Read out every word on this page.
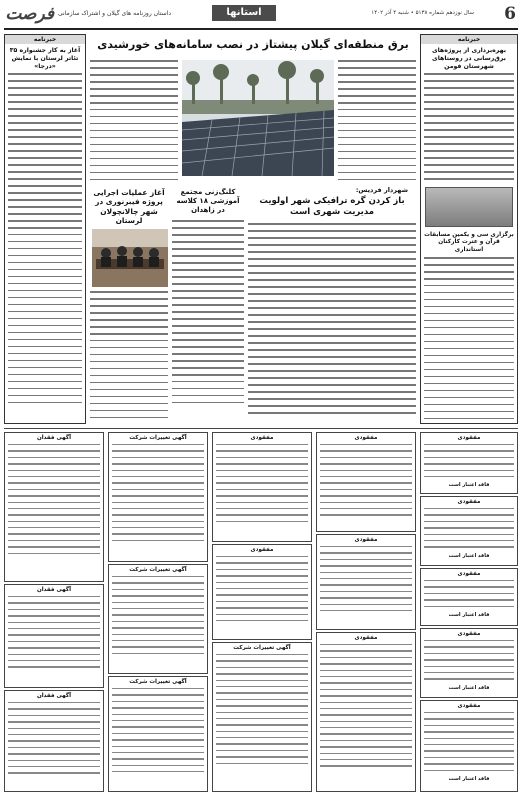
فرصت داستان روزنامه های گیلان و اشتراک سازمانی	استانها	سال نوزدهم شماره ۵۱۳۸ • شنبه ۴ آذر ۱۴۰۲ 6
خبرنامه
بهره‌برداری از پروژه‌های برق‌رسانی در روستاهای شهرستان فومن
برگزاری سی و یکمین مسابقات قرآن و عترت کارکنان استانداری
خبرنامه
آغاز به کار جشنواره ۳۵ تئاتر لرستان با نمایش «درجا»
برق منطقه‌ای گیلان پیشتاز در نصب سامانه‌های خورشیدی
شهردار فردیس:
باز کردن گره ترافیکی شهر اولویت مدیریت شهری است
کلنگ‌زنی مجتمع آموزشی ۱۸ کلاسه در زاهدان
آغاز عملیات اجرایی پروژه فیبرنوری در شهر چالانچولان لرستان
مفقودی
فاقد اعتبار است
مفقودی
فاقد اعتبار است
مفقودی
فاقد اعتبار است
مفقودی
فاقد اعتبار است
مفقودی
فاقد اعتبار است
مفقودی
مفقودی
مفقودی
مفقودی
مفقودی
آگهی تغییرات شرکت
آگهی تغییرات شرکت
آگهی تغییرات شرکت
آگهی تغییرات شرکت
آگهی فقدان
آگهی فقدان
آگهی فقدان
